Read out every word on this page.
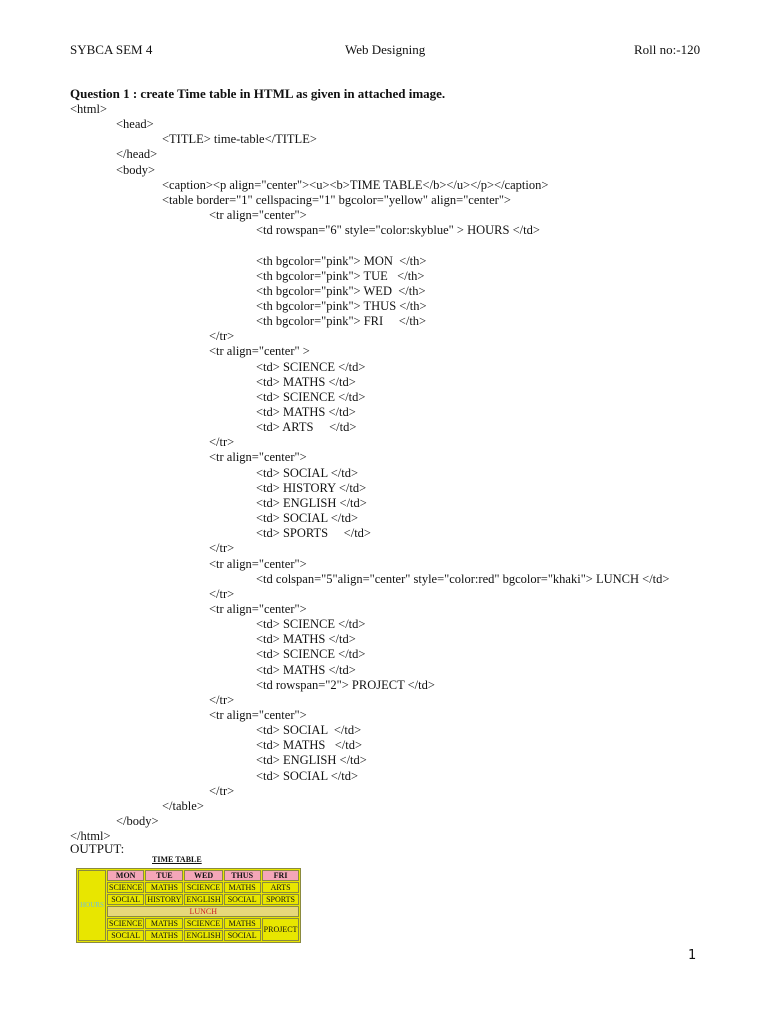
SYBCA SEM 4	Web Designing	Roll no:-120
Question 1 : create Time table in HTML as given in attached image.
<html>
<head>
<TITLE> time-table</TITLE>
</head>
<body>
<caption><p align="center"><u><b>TIME TABLE</b></u></p></caption>
<table border="1" cellspacing="1" bgcolor="yellow" align="center">
<tr align="center">
<td rowspan="6" style="color:skyblue" > HOURS </td>
<th bgcolor="pink"> MON  </th>
<th bgcolor="pink"> TUE   </th>
<th bgcolor="pink"> WED  </th>
<th bgcolor="pink"> THUS </th>
<th bgcolor="pink"> FRI     </th>
</tr>
<tr align="center" >
<td> SCIENCE </td>
<td> MATHS </td>
<td> SCIENCE </td>
<td> MATHS </td>
<td> ARTS     </td>
</tr>
<tr align="center">
<td> SOCIAL </td>
<td> HISTORY </td>
<td> ENGLISH </td>
<td> SOCIAL </td>
<td> SPORTS     </td>
</tr>
<tr align="center">
<td colspan="5"align="center" style="color:red" bgcolor="khaki"> LUNCH </td>
</tr>
<tr align="center">
<td> SCIENCE </td>
<td> MATHS </td>
<td> SCIENCE </td>
<td> MATHS </td>
<td rowspan="2"> PROJECT </td>
</tr>
<tr align="center">
<td> SOCIAL  </td>
<td> MATHS   </td>
<td> ENGLISH </td>
<td> SOCIAL </td>
</tr>
</table>
</body>
</html>
OUTPUT:
TIME TABLE
HOURS	MON	TUE	WED	THUS	FRI
	SCIENCE	MATHS	SCIENCE	MATHS	ARTS
	SOCIAL	HISTORY	ENGLISH	SOCIAL	SPORTS
	LUNCH				
	SCIENCE	MATHS	SCIENCE	MATHS	PROJECT
	SOCIAL	MATHS	ENGLISH	SOCIAL	
1
